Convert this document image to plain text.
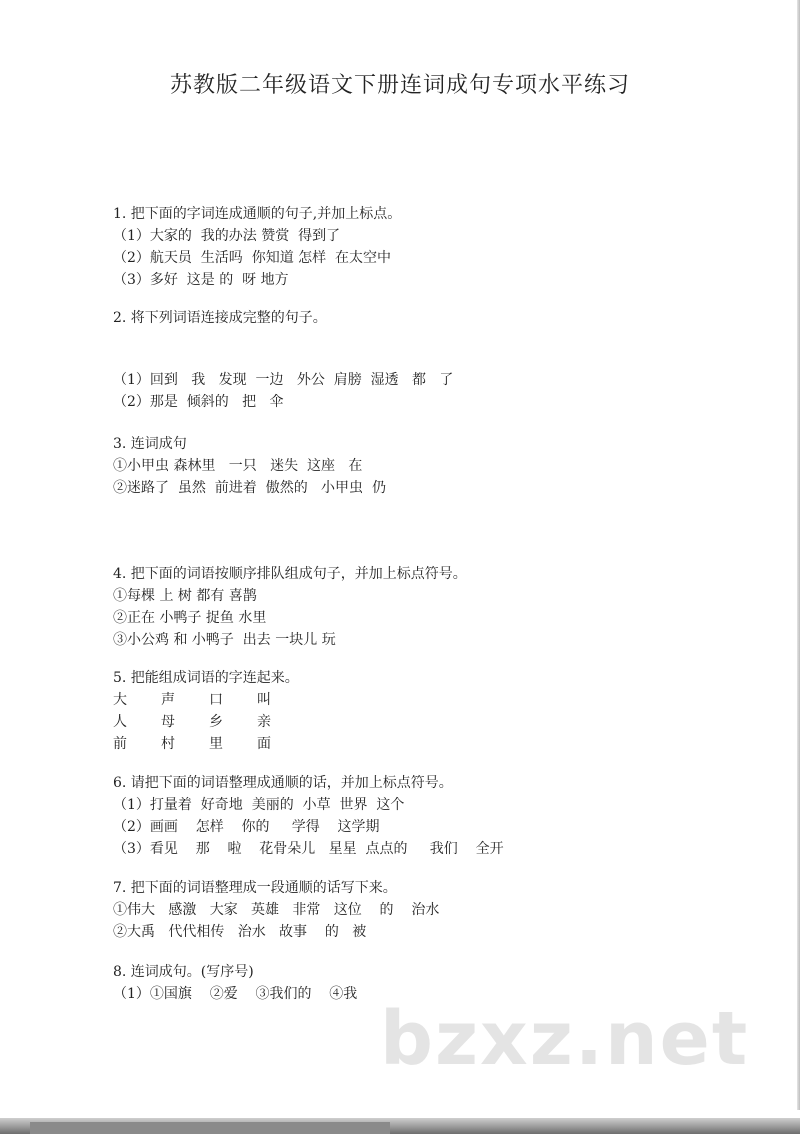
苏教版二年级语文下册连词成句专项水平练习
1. 把下面的字词连成通顺的句子,并加上标点。
（1）大家的  我的办法 赞赏  得到了
（2）航天员  生活吗  你知道 怎样  在太空中
（3）多好  这是 的  呀 地方
2. 将下列词语连接成完整的句子。
（1）回到   我   发现  一边   外公  肩膀  湿透   都   了
（2）那是  倾斜的   把   伞
3. 连词成句
①小甲虫 森林里   一只   迷失  这座   在
②迷路了  虽然  前进着  傲然的   小甲虫  仍
4. 把下面的词语按顺序排队组成句子，并加上标点符号。
①每棵 上 树 都有 喜鹊
②正在 小鸭子 捉鱼 水里
③小公鸡 和 小鸭子  出去 一块儿 玩
5. 把能组成词语的字连起来。
大	声	口	叫
人	母	乡	亲
前	村	里	面
6. 请把下面的词语整理成通顺的话，并加上标点符号。
（1）打量着  好奇地  美丽的  小草  世界  这个
（2）画画    怎样    你的     学得    这学期
（3）看见    那    啦    花骨朵儿   星星  点点的     我们    全开
7. 把下面的词语整理成一段通顺的话写下来。
①伟大   感激   大家   英雄   非常   这位    的    治水
②大禹   代代相传   治水   故事    的   被
8. 连词成句。(写序号)
（1）①国旗    ②爱    ③我们的    ④我
bzxz.net
